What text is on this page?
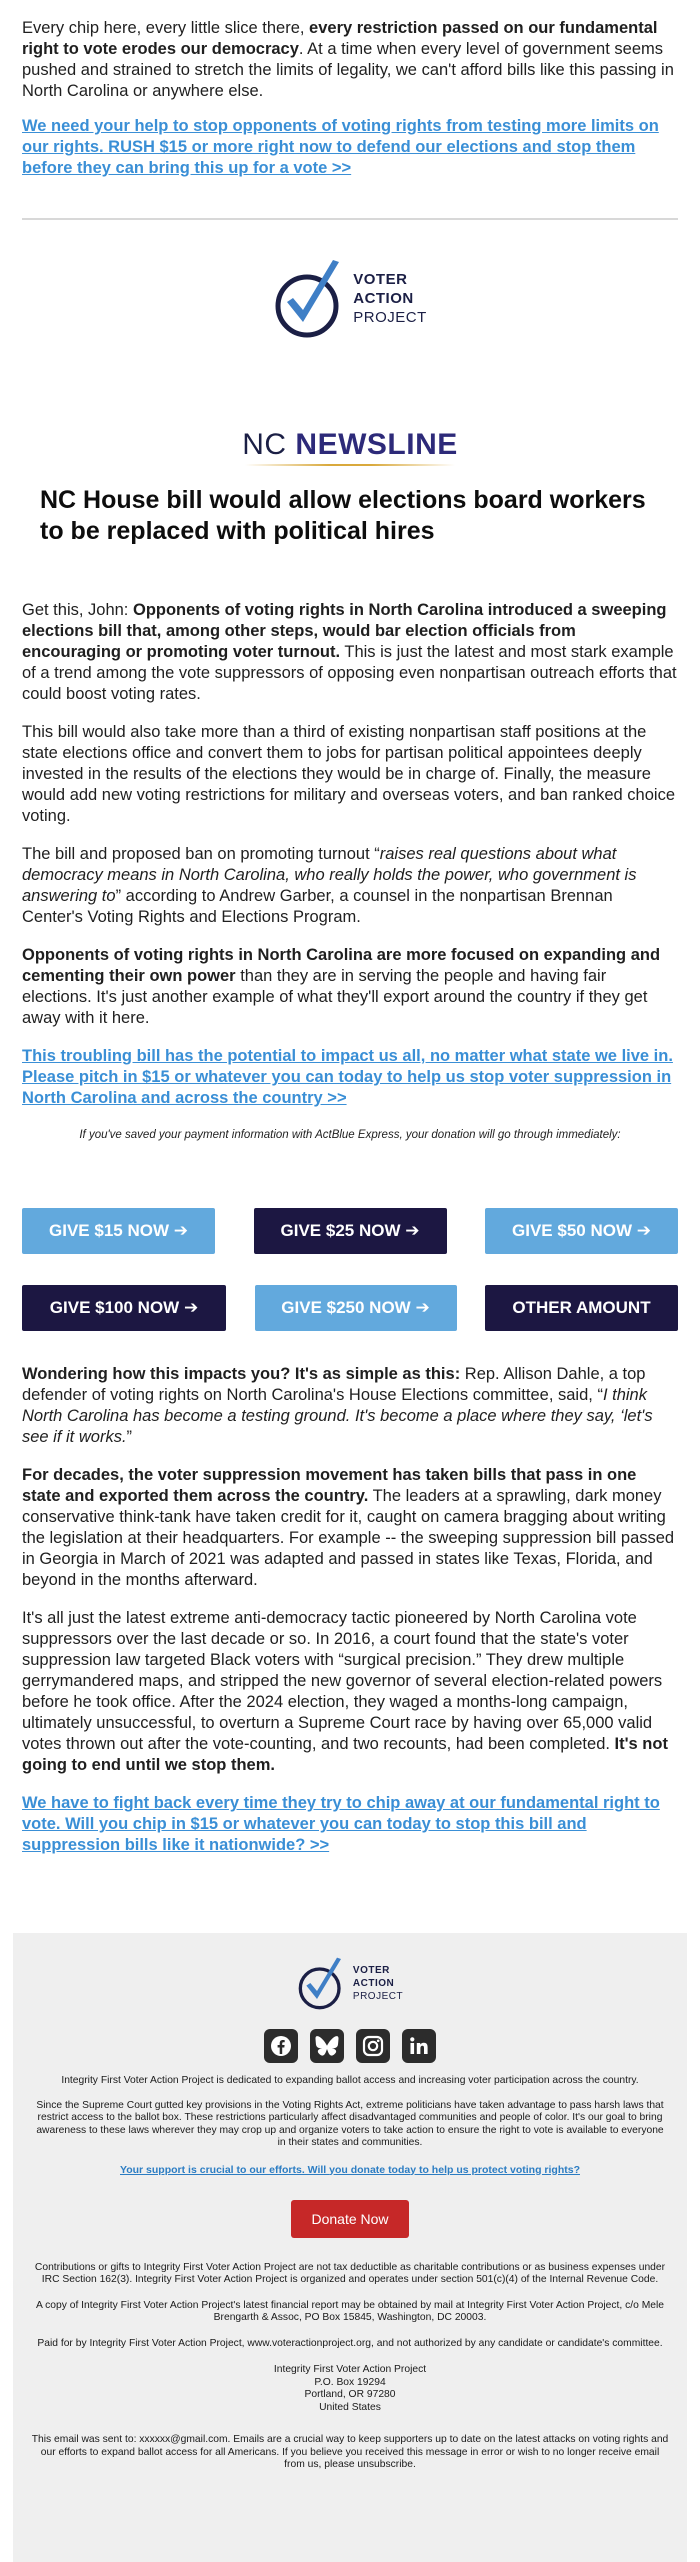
Every chip here, every little slice there, every restriction passed on our fundamental right to vote erodes our democracy. At a time when every level of government seems pushed and strained to stretch the limits of legality, we can't afford bills like this passing in North Carolina or anywhere else.

We need your help to stop opponents of voting rights from testing more limits on our rights. RUSH $15 or more right now to defend our elections and stop them before they can bring this up for a vote >>

VOTER
ACTION
PROJECT
NC NEWSLINE
NC House bill would allow elections board workers to be replaced with political hires

Get this, John: Opponents of voting rights in North Carolina introduced a sweeping elections bill that, among other steps, would bar election officials from encouraging or promoting voter turnout. This is just the latest and most stark example of a trend among the vote suppressors of opposing even nonpartisan outreach efforts that could boost voting rates.

This bill would also take more than a third of existing nonpartisan staff positions at the state elections office and convert them to jobs for partisan political appointees deeply invested in the results of the elections they would be in charge of. Finally, the measure would add new voting restrictions for military and overseas voters, and ban ranked choice voting.

The bill and proposed ban on promoting turnout “raises real questions about what democracy means in North Carolina, who really holds the power, who government is answering to” according to Andrew Garber, a counsel in the nonpartisan Brennan Center's Voting Rights and Elections Program.

Opponents of voting rights in North Carolina are more focused on expanding and cementing their own power than they are in serving the people and having fair elections. It's just another example of what they'll export around the country if they get away with it here.

This troubling bill has the potential to impact us all, no matter what state we live in. Please pitch in $15 or whatever you can today to help us stop voter suppression in North Carolina and across the country >>

If you've saved your payment information with ActBlue Express, your donation will go through immediately:

GIVE $15 NOW ➔	GIVE $25 NOW ➔	GIVE $50 NOW ➔
GIVE $100 NOW ➔	GIVE $250 NOW ➔	OTHER AMOUNT

Wondering how this impacts you? It's as simple as this: Rep. Allison Dahle, a top defender of voting rights on North Carolina's House Elections committee, said, “I think North Carolina has become a testing ground. It's become a place where they say, ‘let's see if it works.”

For decades, the voter suppression movement has taken bills that pass in one state and exported them across the country. The leaders at a sprawling, dark money conservative think-tank have taken credit for it, caught on camera bragging about writing the legislation at their headquarters. For example -- the sweeping suppression bill passed in Georgia in March of 2021 was adapted and passed in states like Texas, Florida, and beyond in the months afterward.

It's all just the latest extreme anti-democracy tactic pioneered by North Carolina vote suppressors over the last decade or so. In 2016, a court found that the state's voter suppression law targeted Black voters with “surgical precision.” They drew multiple gerrymandered maps, and stripped the new governor of several election-related powers before he took office. After the 2024 election, they waged a months-long campaign, ultimately unsuccessful, to overturn a Supreme Court race by having over 65,000 valid votes thrown out after the vote-counting, and two recounts, had been completed. It's not going to end until we stop them.

We have to fight back every time they try to chip away at our fundamental right to vote. Will you chip in $15 or whatever you can today to stop this bill and suppression bills like it nationwide? >>

VOTER
ACTION
PROJECT

Integrity First Voter Action Project is dedicated to expanding ballot access and increasing voter participation across the country.

Since the Supreme Court gutted key provisions in the Voting Rights Act, extreme politicians have taken advantage to pass harsh laws that restrict access to the ballot box. These restrictions particularly affect disadvantaged communities and people of color. It's our goal to bring awareness to these laws wherever they may crop up and organize voters to take action to ensure the right to vote is available to everyone in their states and communities.

Your support is crucial to our efforts. Will you donate today to help us protect voting rights?

Donate Now

Contributions or gifts to Integrity First Voter Action Project are not tax deductible as charitable contributions or as business expenses under IRC Section 162(3). Integrity First Voter Action Project is organized and operates under section 501(c)(4) of the Internal Revenue Code.

A copy of Integrity First Voter Action Project's latest financial report may be obtained by mail at Integrity First Voter Action Project, c/o Mele Brengarth & Assoc, PO Box 15845, Washington, DC 20003.

Paid for by Integrity First Voter Action Project, www.voteractionproject.org, and not authorized by any candidate or candidate's committee.

Integrity First Voter Action Project
P.O. Box 19294
Portland, OR 97280
United States

This email was sent to: xxxxxx@gmail.com. Emails are a crucial way to keep supporters up to date on the latest attacks on voting rights and our efforts to expand ballot access for all Americans. If you believe you received this message in error or wish to no longer receive email from us, please unsubscribe.
